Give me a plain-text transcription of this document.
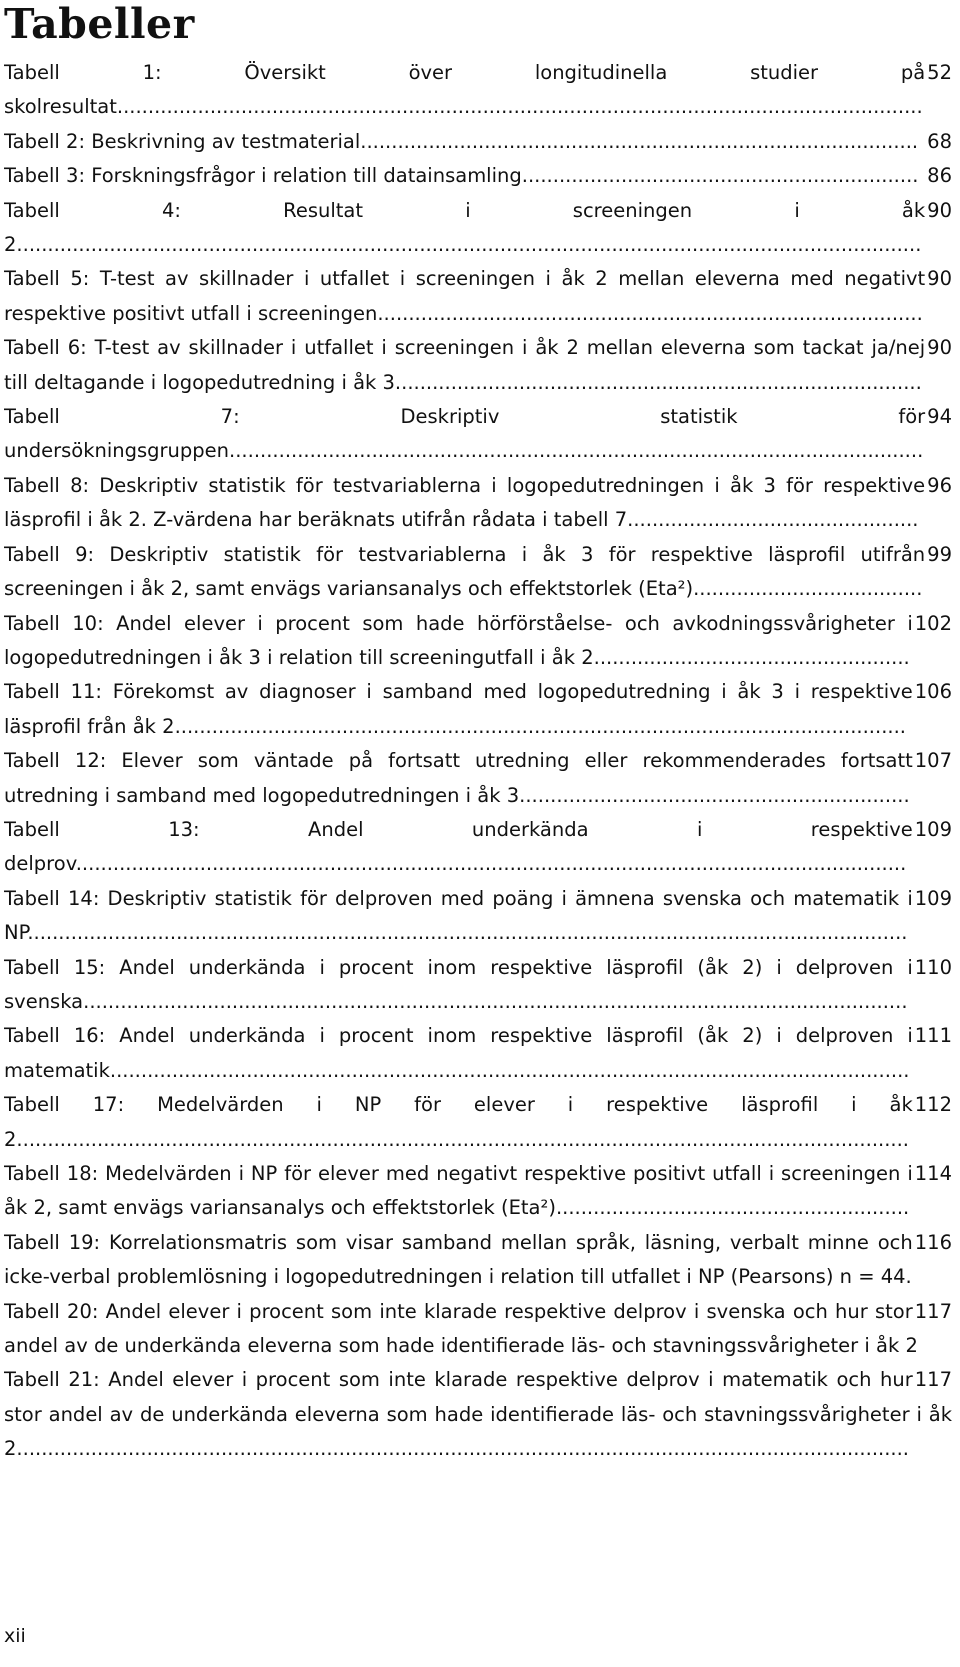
Tabeller
52
Tabell 1: Översikt över longitudinella studier på skolresultat..................................................................................................................................
68
Tabell 2: Beskrivning av testmaterial..........................................................................................
86
Tabell 3: Forskningsfrågor i relation till datainsamling................................................................
90
Tabell 4: Resultat i screeningen i åk 2..................................................................................................................................................
90
Tabell 5: T-test av skillnader i utfallet i screeningen i åk 2 mellan eleverna med negativt respektive positivt utfall i screeningen........................................................................................
90
Tabell 6: T-test av skillnader i utfallet i screeningen i åk 2 mellan eleverna som tackat ja/nej till deltagande i logopedutredning i åk 3.....................................................................................
94
Tabell 7: Deskriptiv statistik för undersökningsgruppen................................................................................................................
96
Tabell 8: Deskriptiv statistik för testvariablerna i logopedutredningen i åk 3 för respektive läsprofil i åk 2. Z-värdena har beräknats utifrån rådata i tabell 7...............................................
99
Tabell 9: Deskriptiv statistik för testvariablerna i åk 3 för respektive läsprofil utifrån screeningen i åk 2, samt envägs variansanalys och effektstorlek (Eta²).....................................
102
Tabell 10: Andel elever i procent som hade hörförståelse- och avkodningssvårigheter i logopedutredningen i åk 3 i relation till screeningutfall i åk 2...................................................
106
Tabell 11: Förekomst av diagnoser i samband med logopedutredning i åk 3 i respektive läsprofil från åk 2......................................................................................................................
107
Tabell 12: Elever som väntade på fortsatt utredning eller rekommenderades fortsatt utredning i samband med logopedutredningen i åk 3...............................................................
109
Tabell 13: Andel underkända i respektive delprov......................................................................................................................................
109
Tabell 14: Deskriptiv statistik för delproven med poäng i ämnena svenska och matematik i NP..............................................................................................................................................
110
Tabell 15: Andel underkända i procent inom respektive läsprofil (åk 2) i delproven i svenska.....................................................................................................................................
111
Tabell 16: Andel underkända i procent inom respektive läsprofil (åk 2) i delproven i matematik.................................................................................................................................
112
Tabell 17: Medelvärden i NP för elever i respektive läsprofil i åk 2................................................................................................................................................
114
Tabell 18: Medelvärden i NP för elever med negativt respektive positivt utfall i screeningen i åk 2, samt envägs variansanalys och effektstorlek (Eta²).........................................................
116
Tabell 19: Korrelationsmatris som visar samband mellan språk, läsning, verbalt minne och icke-verbal problemlösning i logopedutredningen i relation till utfallet i NP (Pearsons) n = 44.
117
Tabell 20: Andel elever i procent som inte klarade respektive delprov i svenska och hur stor andel av de underkända eleverna som hade identifierade läs- och stavningssvårigheter i åk 2
117
Tabell 21: Andel elever i procent som inte klarade respektive delprov i matematik och hur stor andel av de underkända eleverna som hade identifierade läs- och stavningssvårigheter i åk 2................................................................................................................................................
xii
